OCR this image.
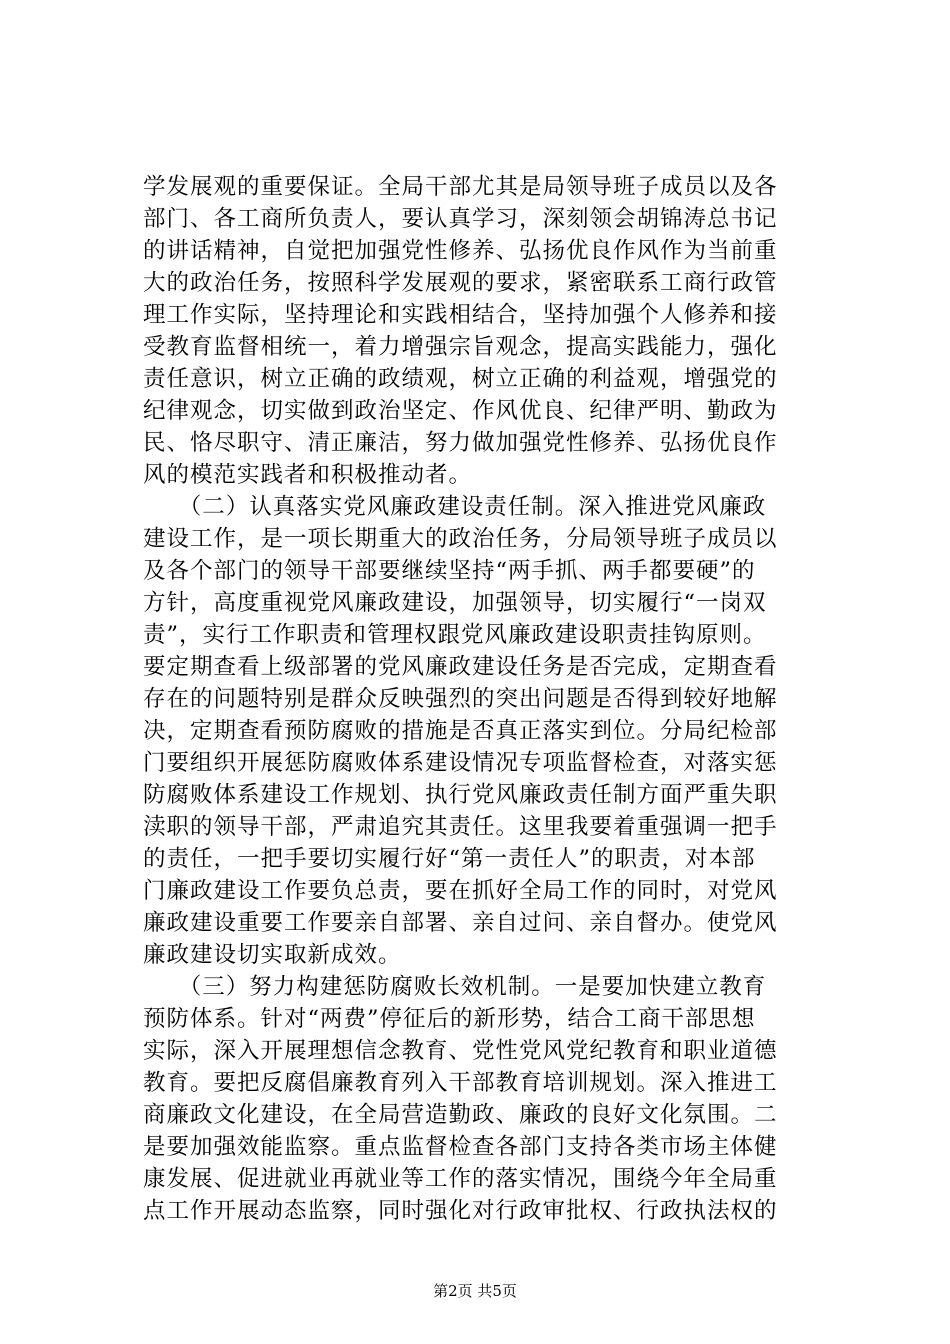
学发展观的重要保证。全局干部尤其是局领导班子成员以及各
部门、各工商所负责人，要认真学习，深刻领会胡锦涛总书记
的讲话精神，自觉把加强党性修养、弘扬优良作风作为当前重
大的政治任务，按照科学发展观的要求，紧密联系工商行政管
理工作实际，坚持理论和实践相结合，坚持加强个人修养和接
受教育监督相统一，着力增强宗旨观念，提高实践能力，强化
责任意识，树立正确的政绩观，树立正确的利益观，增强党的
纪律观念，切实做到政治坚定、作风优良、纪律严明、勤政为
民、恪尽职守、清正廉洁，努力做加强党性修养、弘扬优良作
风的模范实践者和积极推动者。
　　（二）认真落实党风廉政建设责任制。深入推进党风廉政
建设工作，是一项长期重大的政治任务，分局领导班子成员以
及各个部门的领导干部要继续坚持“两手抓、两手都要硬”的
方针，高度重视党风廉政建设，加强领导，切实履行“一岗双
责”，实行工作职责和管理权跟党风廉政建设职责挂钩原则。
要定期查看上级部署的党风廉政建设任务是否完成，定期查看
存在的问题特别是群众反映强烈的突出问题是否得到较好地解
决，定期查看预防腐败的措施是否真正落实到位。分局纪检部
门要组织开展惩防腐败体系建设情况专项监督检查，对落实惩
防腐败体系建设工作规划、执行党风廉政责任制方面严重失职
渎职的领导干部，严肃追究其责任。这里我要着重强调一把手
的责任，一把手要切实履行好“第一责任人”的职责，对本部
门廉政建设工作要负总责，要在抓好全局工作的同时，对党风
廉政建设重要工作要亲自部署、亲自过问、亲自督办。使党风
廉政建设切实取新成效。
　　（三）努力构建惩防腐败长效机制。一是要加快建立教育
预防体系。针对“两费”停征后的新形势，结合工商干部思想
实际，深入开展理想信念教育、党性党风党纪教育和职业道德
教育。要把反腐倡廉教育列入干部教育培训规划。深入推进工
商廉政文化建设，在全局营造勤政、廉政的良好文化氛围。二
是要加强效能监察。重点监督检查各部门支持各类市场主体健
康发展、促进就业再就业等工作的落实情况，围绕今年全局重
点工作开展动态监察，同时强化对行政审批权、行政执法权的
第2页 共5页
